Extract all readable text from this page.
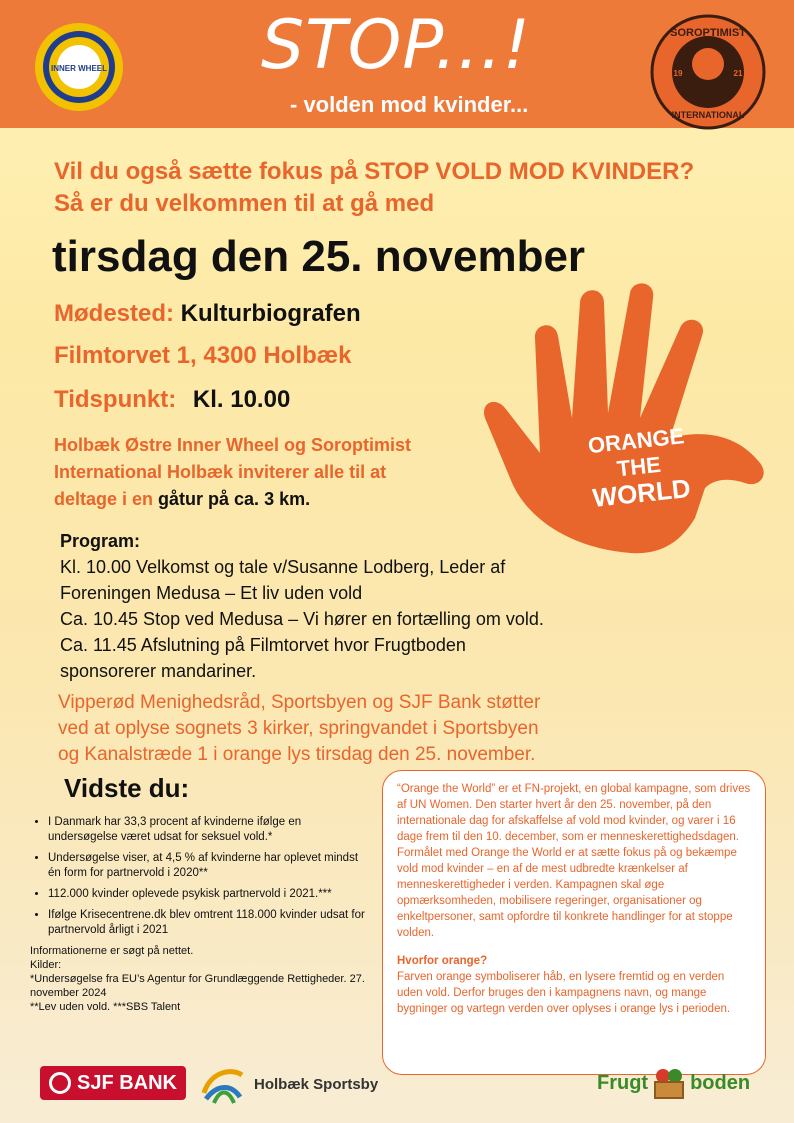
INNER WHEEL STOP...!
- volden mod kvinder...
SOROPTIMIST
INTERNATIONAL
19	21
Vil du også sætte fokus på STOP VOLD MOD KVINDER?
Så er du velkommen til at gå med
tirsdag den 25. november
Mødested: Kulturbiografen
Filmtorvet 1, 4300 Holbæk
Tidspunkt: Kl. 10.00
ORANGE
THE
WORLD
Holbæk Østre Inner Wheel og Soroptimist
International Holbæk inviterer alle til at
deltage i en gåtur på ca. 3 km.
Program:
Kl. 10.00 Velkomst og tale v/Susanne Lodberg, Leder af
Foreningen Medusa – Et liv uden vold
Ca. 10.45 Stop ved Medusa – Vi hører en fortælling om vold.
Ca. 11.45 Afslutning på Filmtorvet hvor Frugtboden
sponsorerer mandariner.
Vipperød Menighedsråd, Sportsbyen og SJF Bank støtter
ved at oplyse sognets 3 kirker, springvandet i Sportsbyen
og Kanalstræde 1 i orange lys tirsdag den 25. november.
Vidste du:
• I Danmark har 33,3 procent af kvinderne ifølge en undersøgelse været udsat for seksuel vold.*
• Undersøgelse viser, at 4,5 % af kvinderne har oplevet mindst én form for partnervold i 2020**
• 112.000 kvinder oplevede psykisk partnervold i 2021.***
• Ifølge Krisecentrene.dk blev omtrent 118.000 kvinder udsat for partnervold årligt i 2021
Informationerne er søgt på nettet.
Kilder:
*Undersøgelse fra EU’s Agentur for Grundlæggende Rettigheder. 27. november 2024
**Lev uden vold. ***SBS Talent

“Orange the World” er et FN-projekt, en global kampagne, som drives af UN Women. Den starter hvert år den 25. november, på den internationale dag for afskaffelse af vold mod kvinder, og varer i 16 dage frem til den 10. december, som er menneskerettighedsdagen. Formålet med Orange the World er at sætte fokus på og bekæmpe vold mod kvinder – en af de mest udbredte krænkelser af menneskerettigheder i verden. Kampagnen skal øge opmærksomheden, mobilisere regeringer, organisationer og enkeltpersoner, samt opfordre til konkrete handlinger for at stoppe volden.

Hvorfor orange?

Farven orange symboliserer håb, en lysere fremtid og en verden uden vold. Derfor bruges den i kampagnens navn, og mange bygninger og vartegn verden over oplyses i orange lys i perioden.

SJF BANK	Holbæk Sportsby	Frugt boden
